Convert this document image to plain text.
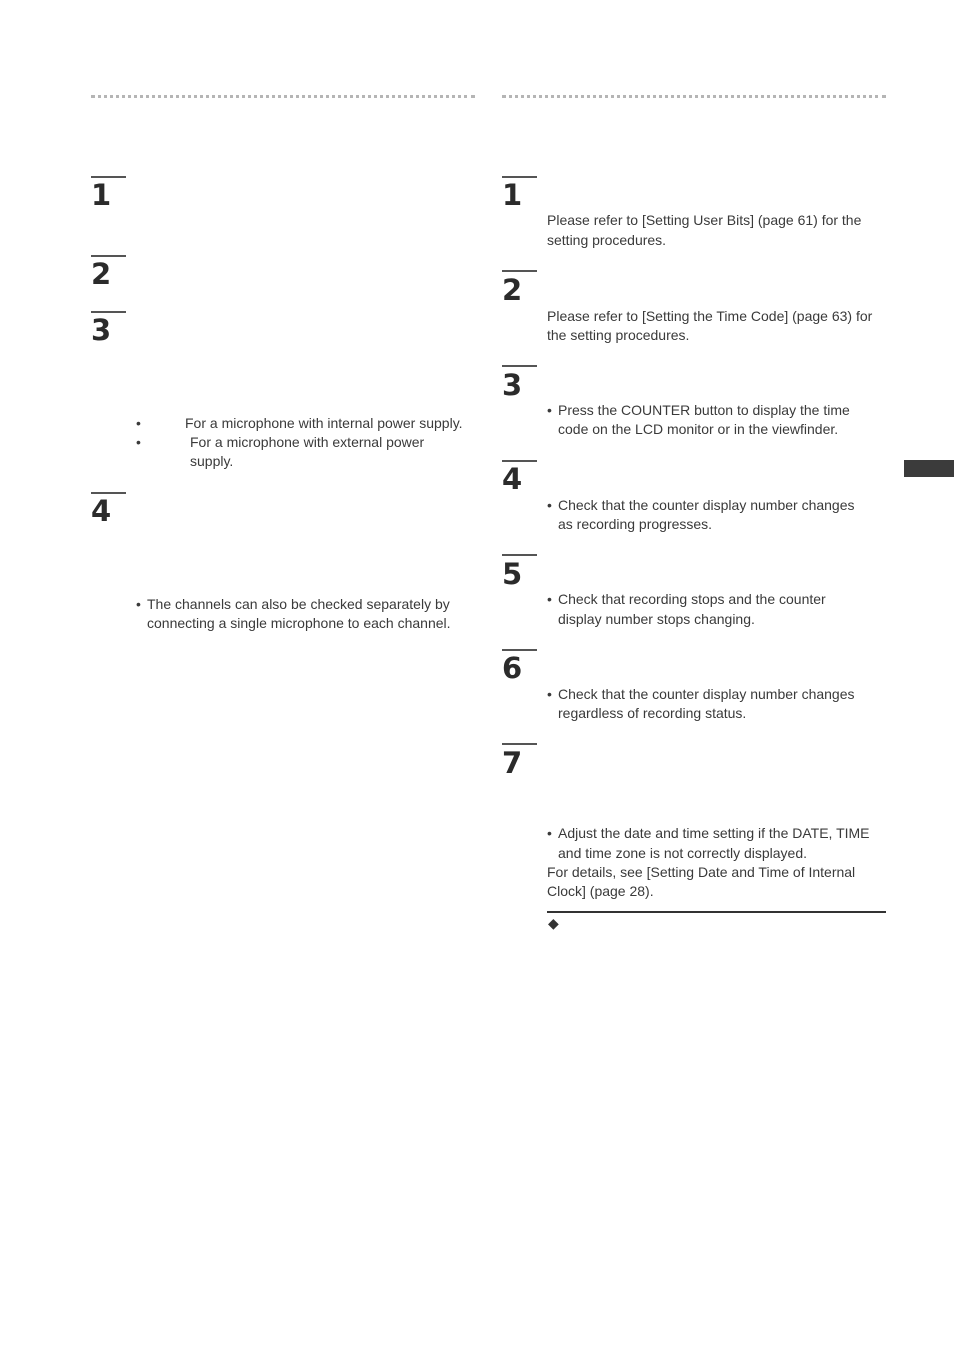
1
2
3
•	For a microphone with internal power supply.
•	For a microphone with external power
supply.
4
• The channels can also be checked separately by
connecting a single microphone to each channel.
1
Please refer to [Setting User Bits] (page 61) for the
setting procedures.
2
Please refer to [Setting the Time Code] (page 63) for
the setting procedures.
3
• Press the COUNTER button to display the time
code on the LCD monitor or in the viewfinder.
4
• Check that the counter display number changes
as recording progresses.
5
• Check that recording stops and the counter
display number stops changing.
6
• Check that the counter display number changes
regardless of recording status.
7
• Adjust the date and time setting if the DATE, TIME
and time zone is not correctly displayed.
For details, see [Setting Date and Time of Internal
Clock] (page 28).
◆
